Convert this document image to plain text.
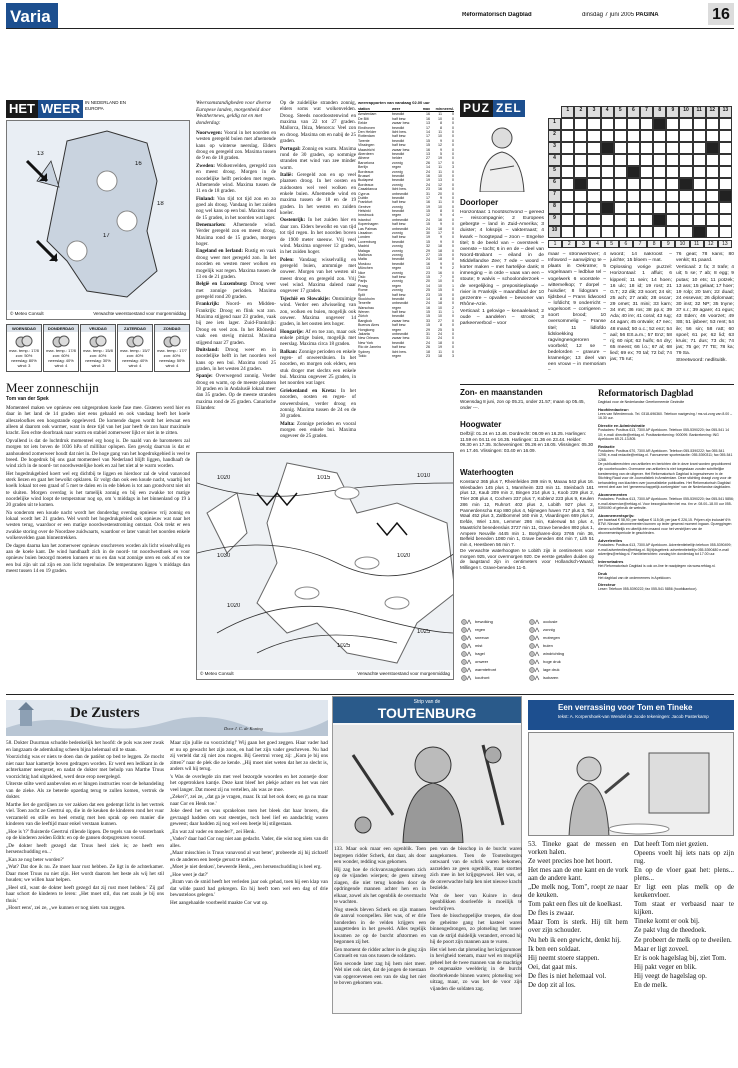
Varia	Reformatorisch Dagblad	dinsdag 7 juni 2005 PAGINA	16
HET WEER IN NEDERLAND EN EUROPA
16
18
17
13
© Meteo Consult	Verwachte weerstoestand voor morgenmiddag
WOENSDAG
max. temp.: 17/8
zon: 50%
neerslag: 80%
wind: 3
DONDERDAG
max. temp.: 17/8
zon: 60%
neerslag: 40%
wind: 4
VRIJDAG
max. temp.: 15/8
zon: 40%
neerslag: 30%
wind: 3
ZATERDAG
max. temp.: 15/7
zon: 40%
neerslag: 40%
wind: 4
ZONDAG
max. temp.: 17/7
zon: 40%
neerslag: 50%
wind: 4
Meer zonneschijn
Tom van der Spek

Momenteel maken we opnieuw een uitgesproken koele fase mee. Gisteren werd hier en daar in het land de 14 graden niet eens gehaald en ook vandaag heeft het koele alleszeloofkes een hoogstande opgeleverd. De komende dagen wordt het ietwaat een alleen al daarom ook warmer, want in deze tijd van het jaar heeft de zon haar maximale kracht. Een echte doorbraak naar warm en stabiel zomerweer lijkt er niet in te zitten.

Opvallend is dat de luchtdruk momenteel erg hoog is. De naald van de barometers zal morgen tot iets boven de 1036 hPa of millibar oplopen. Een gevolg daarvan is dat er aanhoudend zomerweer houdt dat niet in. De hoge gang van het hogedrukgebied is veel te breed. De hogedruk bij ons gaat momenteel van Nederland blijft liggen, handhaaft de wind zich in de noord- tot noordwestelijke hoek en zal het niet al te warm worden.

Het hogedrukgebied koert wel erg dichtbij te liggen en hierdoor zal de wind vanavond sterk liezen en gaat het bewolkt opklaren. Er volgt dan ook een koude nacht, waarbij het koelk lokaal tot een graad of 5 met te dalen en in ede bleken is tot aan grondvorst niet uit te sluiten. Morgen overdag is het tamelijk zonnig en bij een zwakke tot matige noordelijke wind loopt de temperatuur nog op, om 's middags in het binnenland op 19 à 20 graden uit te komen.

Na sonderom een koude nacht wordt het donderdag overdag opnieuw vrij zonnig en lokaal wordt het 21 graden. Wel wordt het hogedrukgebied ook opnieuw wat naar het westen terug, waardoor er een matige noordwestenstroming ontstaat. Ook trekt er een zwakke storing over de Noordzee zuidwaarts, waardoor er later vanuit het noorden enkele wolkenvelden gaan binnentrekken.

De dagen daarna kan het zomerweer opnieuw onschreven worden als licht wisselvallig en aan de koele kant. De wind handhaaft zich in de noord- tot noordwesthoek en voor opnieuw buien bezorgd moeten kunnen er nu en dan wat zonnige uren en ook af en toe een bui zijn uit zal zijn en zon licht tegenhuize. De temperaturen liggen 's middags dan meest tussen 14 en 19 graden.

Weersomstandigheden voor diverse Europese landen, morgenheid door Weathernews, geldig tot en met donderdag:

Noorwegen: Vooral in het noorden en westen geregeld buien met afnemende kans op winterse neerslag. Elders droog en geregeld zon. Maxima tussen de 9 en de 18 graden.

Zweden: Wolkenvelden, geregeld zon en meest droog. Morgen in de noordelijke helft perioden met regen. Afnemende wind. Maxima tussen de 11 en de 18 graden.

Finland: Van tijd tot tijd zon en zo goed als droog. Vandaag in het zuiden nog wel kans op een bui. Maxima rond de 15 graden, in het noorden wat lager.

Denemarken: Afnemende wind. Verder geregeld zon en meest droog. Maxima rond de 15 graden, morgen hoger.

Engeland en Ierland: Rustig en vaak droog weer met geregeld zon. In het noorden en westen meer wolken en mogelijk wat regen. Maxima tussen de 13 en de 21 graden.

België en Luxemburg: Droog weer met zonnige perioden. Maxima geregeld rond 20 graden.

Frankrijk: Noord- en Midden-Frankrijk: Droog en flink wat zon. Maxima stijgend naar 23 graden, vaak bij zee iets lager. Zuid-Frankrijk: Droog en veel zon. In het Rhônedal vaak een stevig mistral. Maxima stijgend naar 27 graden.

Duitsland: Droog weer en in noordelijke helft in het noorden wel kans op een bui. Maxima rond 25 graden, in het westen 24 graden.

Spanje: Overwegend zonnig. Verder droog en warm, op de meeste plaatsen 30 graden en in Andalusië lokaal meer dan 35 graden. Op de meeste stranden maxima rond de 25 graden. Canarische Eilanden:

Op de zuidelijke stranden zonnig, elders soms wat wolkenvelden. Droog. Steeds noordoostenwind en maxima van 22 tot 27 graden. Mallorca, Ibiza, Menorca: Veel zon en droog. Maxima om en nabij de 25 graden.

Portugal: Zonnig en warm. Maxima rond de 30 graden, op sommige stranden met wind van zee minder warm.

Italië: Geregeld zon en op veel plaatsen droog. In het oosten en zuidoosten wel veel wolken en enkele buien. Afnemende wind en maxima tussen de 18 en de 19 graden. In het westen en zuiden koeler.

Oostenrijk: In het zuiden hier en daar zon. Elders bewolkt en van tijd tot tijd regen. In het noorden boven de 1900 meter sneeuw. Vrij veel wind. Maxima ongeveer 12 graden, in het zuiden hoger.

Polen: Vandaag wisselvallig en geregeld buien, ammmige met onweer. Morgen van het westen uit meest droog en geregeld zon. Vrij veel wind. Maxima dalend naar ongeveer 17 graden.

Tsjechië en Slowakije: Onstuimige wind. Verder een afwisseling van zon, wolken en buien, mogelijk ook onweer. Maxima ongeveer 14 graden, in het oosten iets hoger.

Hongarije: Af en toe zon, maar ook enkele pittige buien, mogelijk met neerslag. Maxima circa 18 graden.

Balkan: Zonnige perioden en enkele regen- of onweersbuien. In het noorden, en morgen ook elders, een stuk droger met slechts een enkele bui. Maxima ongeveer 25 graden, in het noorden wat lager.

Griekenland en Kreta: In het noorden, oosten en regen- of onweersbuien, verder droog en zonnig. Maxima tussen de 24 en de 30 graden.

Malta: Zonnige perioden en vooral morgen een enkele bui. Maxima ongeveer de 25 graden.

weerrapporten van vandaag 02.00 uur
station	weer	max	min neersl.
Amsterdam	bewolkt	16	11	0
De Bilt	half bew.	16	10	0
Eelde	zwaar bew.	13	8	0
Eindhoven	bewolkt	17	8	0
Den Helder	licht bew.	14	11	0
Rotterdam	half bew.	17	10	0
Twente	bewolkt	15	9	0
Vlissingen	half bew.	15	12	0
Maastricht	zwaar bew.	16	9	0
Aberdeen	bewolkt	13	5	0
Athene	helder	27	19	0
Barcelona	zonnig	26	17	0
Berlijn	regen	14	11	3
Bordeaux	zonnig	24	11	0
Brussel	bewolkt	16	10	0
Budapest	bewolkt	19	13	0
Bordeaux	zonnig	24	12	0
Casablanca	licht bew.	23	16	0
Cyprus	onbewolkt	31	20	0
Dublin	bewolkt	17	9	0
Frankfurt	half bew.	16	11	0
Genève	zonnig	19	10	0
Helsinki	bewolkt	15	8	0
Innsbruck	regen	12	9	4
Istanbul	onbewolkt	24	16	0
Kopenhagen	half bew.	15	9	0
Las Palmas	onbewolkt	24	18	0
Lissabon	zonnig	30	17	0
Londen	half bew.	19	9	0
Luxemburg	bewolkt	15	9	0
Madrid	zonnig	32	18	0
Malaga	zonnig	29	18	0
Mallorca	zonnig	27	15	0
Malta	bewolkt	24	18	0
Moskou	bewolkt	16	9	0
München	regen	13	9	2
Nice	zonnig	23	16	0
Oslo	half bew.	15	7	0
Parijs	zonnig	20	10	0
Praag	regen	14	10	1
Rome	zonnig	25	15	0
Split	half bew.	23	15	0
Stockholm	bewolkt	14	8	0
Tenerife	onbewolkt	24	18	0
Warschau	regen	16	10	2
Wenen	half bew.	15	11	1
Zürich	bewolkt	15	10	0
Bangkok	zwaar bew.	33	27	0
Buenos Aires	half bew.	15	8	0
Hongkong	regen	29	25	5
Jakarta	onbewolkt	31	24	0
New Orleans	zwaar bew.	31	24	0
New York	bewolkt	24	18	0
Rio de Janeiro	half bew.	26	19	0
Sydney	licht bew.	18	11	0
Tokio	regen	23	18	3
1020	1015
1020
1030
1020
1025
1010
1025
© Meteo Consult	Verwachte weerstoestand voor morgenmiddag
PUZ ZEL	1	2	3	4	5	6	7	8	9	10	11	12	13
1
2
3
4
5
6
7
8
9
10
1	2	3	4	5	6	7	8	9	10	11	12	13
Doorloper

Horizontaal: 1 hoofdschvond – gereed – reiscompagnie; 2 Europees gebergte – land in Zuid-Amerika; 3 duister; 4 lokspijs – vakterraast; 4 kwark – hoogtepad – zoon – Engelse titel; 5 de beeld van – oversteek – ovenste – tocht; 6 in en de – deel van Noord-Brabant – eiland in de Middellandse Zee; 7 ede – woord – korter maken – met hartelijke dank; 8 inmenging – in orde – vaas van een – stoute; 9 walvis – schoolonderzoek – de vergelijking – prepositieplaatje – rivier in Frankrijk – maandblad der 10 gezzentre – opvallen – bewoner van Rhône-Azie.

Verticaal: 1 gelovige – kenaaleland; 2 oude – aandelen – strook; 3 parkeerverbod – voor

maar – stronwerlover; 4 Infoword – aanwijzing te – plaats in Oekraïne; 5 vogelnaam – ledblue tel – vogelwerk 6 voorstele – wittemelkop; 7 dorpel – huisdier; 8 lidogram – tijdsbeul – Frans lidwoord – lofdicht; 9 onderricht – vogelsoort – corrigeren – soort brood; 10 oversommelig – Franse titel; 11 lidlofdo lidsloekking – ragvingnengeroren – voorbeld; 12 se – bedelorden – gravure – kramerige; 13 deel van een vrouw – in memoriam –

woord; 14 nakroost – juichte; 15 bloem – mat.

Oplossing vorige puzzel: Horizontaal: 1 affuit; 6 kippenl; 11 sein; 14 hoen; 16 ulc; 18 id; 19 rost; 21 G.T.; 22 dik; 23 soort; 24 sit; 25 ach; 27 arab; 28 oscar; 29 omet; 31 mini; 33 karn; 34 mrt; 36 ros; 38 pp.s; 39 Ada; 40 ire; 41 coral; 43 rug; 44 agan; 45 ontvale; 47 nec; 48 mand; 50 o.c.; 52 enz; 54 aal; 56 ES.a.m.; 57 Enz; 58 rij; 60 nipt; 62 huifs; 64 dry; 65 meest; 66 l.o.; 67 al; 68 lied; 69 ex; 70 tal; 72 bd; 74 jas; 75 rut;

76 geat; 78 kans; 80 venkit; 81 paard.

Verticaal: 2 fa; 3 trafe; 4 uit; 5 se; 7 ab; 8 egg; 9 putas; 10 ets; 11 potzek; 13 ass; 15 gelaat; 17 hoer; 19 rolp; 20 tam; 22 duad; 24 essevan; 26 diplomaat; 30 inst; 32 NP; 35 tnyne; 37 s.r.; 39 agare; 41 egus; 43 Eden; 46 voorzet; 49 SB; 51 ijsbeer; 53 rent; 54 ile; 56 sin; 58 ratt; 60 spoel; 61 pe; 62 lid; 63 kruis; 71 dus; 73 ds; 74 jas; 75 ge; 77 TE; 78 ka; 79 Sa.

Streetwoord: nedlituitik.

Zon- en maanstanden
Woensdag 8 juni, zon op 05.21, onder 21.57; maan op 05.45, onder ---.
Hoogwater
Delfzijl: 01.24 en 13.46. Dordrecht: 08.09 en 16.25. Harlingen: 11.59 en 04.11 en 16.35. Harlingen: 11.36 en 23.44. Helder: 09.30 en 17.35. Scheveningen: 05.26 en 18.05. Vlissingen: 05.30 en 17.46. Vlissingen: 03.40 en 16.09.
Waterhoogten

Konstanz 365 plus 7, Rheinfelden 289 min 9, Maxau 542 plus 16. Wiesbaden 145 plus 1, Mannheim 323 min 11. Steinbach 161 plus 12, Kaub 209 min 2, Bingen 214 plus 1, Koob 229 plus 2, Trier 208 plus 4, Cochem 237 plus 7, Koblenz 223 plus 9, Keulen 286 min 12, Ruhrort 402 plus 2, Lobith 927 plus 2, Pannerdenscha Kop 880 plus 4, Nijmegen haven 717 plus 3, Tiel Waal 452 plus 3, Zaltbommel 160 min 2, Vlaardingen 669 plus 2, Eefde, Wiel 1.5m, Lemmer 286 min, Kalenwal 54 plus 4, Maastricht benedensluis 3727 min 11, Grave beneden 892 plus 1, Ampere Neuville 4445 min 1. Borgharen-dorp 3765 min 36, Belfeld beneden 1080 min 1, Grave beneden 484 min 7, Lith 51 min 4, Heesbeen 56 min 7.

De verwachte waterhoogten te Lobith zijn in centimeters voor morgen 925, voor overmorgen 920. De eerste getallen duiden op de laagstand zijn in centimeters voor Hollandsch-Waard; Millingen t. Grave-beneden 11-0.

bewolking
regen
sneeuw
mist
hagel
onweer
warmtefront
koufront
occlusie
zonnig
motregen
buien
windrichting
hoge druk
lage druk
isobaren
Reformatorisch Dagblad
Dagblad voor de Nederlandse Gereformeerde Gezindte
Hoofdredacteur:
Lees van Wierdenrook. Tel. 0318-696360. Telefoon nazigeving / ms.vd.zorg van 8.00 – 16.30 uur.
Directie en Administratie
Postadres: Postbus 613, 7300 AP Apeldoorn. Telefoon 055-5390220; fax 055-541 14 10; e-mail: directie@refdag.nl. Postbankrekening: 900099. Bankrekening: ING Apeldoorn 65.21.13.805.
Redactie
Postadres: Postbus 670, 7300 AR Apeldoorn. Telefoon 055-5390222; fax 055-541 1298; e-mail redactie@refdag.nl. Faxnummer sportredactie: 055-5390311; fax 055-541 1288.
De publicatierechten van artikelen en berichten die in deze krant worden gepubliceerd zijn voorbehouden. Overname van artikelen is niet toegestaan zonder schriftelijke toestemming van de uitgever. Het Reformatorisch Dagblad is ingeschreven in de Stichting Raad voor de Journalistiek in Amsterdam. Deze stichting draagt zorg voor de behandeling van klachten over journalistieke publicaties. Het Reformatorisch Dagblad neemt deel aan het 'gemeenschappelijk zoekregister' van de Nederlandse dagbladen.
Abonnementen
Postadres: Postbus 613, 7300 AP Apeldoorn. Telefoon 055-5390220; fax 055-541 5856; e-mail abservice@refdag.nl. Voor bezorgklachten bel ma. t/m vr. 08.00–18.00 uur 055-5390490 of gebruik de website.
Abonnementsprijs:
per kwartaal € 58,90; per halfjaar € 115,08; per jaar € 226,15. Prijzen zijn inclusief 6% BTW. Nieuwe abonnementen kunnen op ieder gewenst moment ingaan. Opzeggingen dienen schriftelijk en uiterlijk één maand voor het verstrijken van de abonnementsperiode te geschieden.
Advertenties
Postadres: Postbus 613, 7300 AP Apeldoorn. Advertentiebellijn telefoon 055-5390499; e-mail advertenties@refdag.nl. Bij tijdsgebrek: advertentiebellijn 055-5390480 e-mail advertjes@refdag.nl. Familieberichten: zondag t/m donderdag tot 17.00 uur.
Internetadres
Het Reformatorisch Dagblad is ook on-line te raadplegen via www.refdag.nl.
Druk
Het dagblad van de ondernemers in Apeldoorn.
Directeur
Leser: Telefoon 055-5390222; fax 055-541 5856 (hoofdkantoor).
De Zusters
Door J. C. de Koning

58. Dokter Duurman schudde bedenkelijk het hoofd: de pols was zeer zwak en langzaam de ademhaling scheen bijna helemaal stil te staan.

Voorzichtig was er niets te doen dan de patiënt op bed te leggen. Ze mocht niet naar haar kamertje boven gedragen worden. Er werd een ledikant in de achterkamer neergezet, en nadat de dokter met behulp van Marthe Truus voorzichtig had uitgekleed, werd deze erop neergelegd.

Uiterste stilte werd aanbevolen en er hingen instructies voor de behandeling van de zieke. Als ze beterde opzetlag terug te zullen komen, vertrok de dokter.

Marthe liet de gordijnen zo ver zakken dat een gedempt licht in het vertrek viel. Toen zocht ze Geertrui op, die in de keuken de kinderen rond het vuur verzameld en stille en heel ernstig met hen sprak op een manier die kinderen van die leeftijd maar enkel verstaan kunnen.

„Hoe is 't?' fluisterde Geertrui rillende lippen. De tegels van de vensterbank op de kinderen zeiden Edith: en op de gansen dorpsgrenzen vooraf.

„De dokter heeft gezegd dat Truus heel ziek is; ze heeft een hersenschudding en...'

„Kan ze nog beter worden?'

„Wat? Dat doe ik nu. Ze moet haar rust hebben. Ze ligt in de achterkamer. Daar moet Truus nu niet zijn. Het wordt daarom het beste als wij het stil houden; we willen haar helpen.

„Heel stil, want de dokter heeft gezegd dat zij rust moet hebben.' Zij gaf haar schort de kinderen te leren: „Het moet stil, dus net zoals je bij ons thuis.'

„Hoort eens', zei ze, „we kunnen er nog niets van zeggen.

Maar zijn jullie nu voorzichtig!' Wij gaan het goed zeggen. Haar vader had er nu op gewacht het zijn zoon, en had het zijn vader geschreven. Nu had zij verteld dat zij niet zou mogen. Bij Geertrui vroeg zij: „Kom je bij ons zitten?' naar de plek die ze kende. „Hij moet niet weten dat het zo slecht is, anders wil hij terug.

's Was de overlegde zin met veel bezorgde woorden en het zonnetje door het opgetrokken kantje. Deze kant bleef het plekje achter en het was niet veel langer. Dat moest zij nu vertellen, als was ze moe.

„Zeker?', zei ze, „dat ga je vragen, maar. Ik zal het ook doen; en ga nu maar naar Cor en Henk toe.'

Joke deed het en was sprakeloos toen het bleek dat haar broers, die gevraagd hadden om wat steentjes, toch heel lief en aandachtig waren geweest; daar hadden zij nog wel een beetje bij stilgestaan.

„En wat zal vader en moeder?', zei Henk.

„Vader? daar had Cor nog niet aan gedacht. Vader, die wist nog niets van dit alles.

„Maar misschien is Truus vanavond al wat beter', probeerde zij hij zichzelf en de anderen een beetje gerust te stellen.

„Moet je niet denken', beweerde Henk, „een hersenschudding is heel erg.

„Hoe weet je dat?'

„Bram van de smid heeft het verleden jaar ook gehad, toen hij een klap van dat wilde paard had gekregen. En hij heeft toen wel een dag of drie bewusteloos gelegen.'

Het aangehaalde voorbeeld maakte Cor wat op.

Strip van de
TOUTENBURG

133. Maar ook maar een ogenblik. Toen begrepen ridder Scherk, dat daar, als door een wonder, redding was gekomen.

Hij zag hoe de rickvanvangdemonen zich op de vijanden wierpen; de geen uitweg ziagen, die niet terug konden door de opdringende mannen achter hen en in elkaar, zowel als het ogenblik de overmacht te wachten.

Nog steeds bleven Scherk en zijn mannen de aanval voorspellen. Het was, of er drie honderden in de velden krijgers een aangetreden in het geweld. Alles tegelijk kwamen ze op de burcht afstormen en begonnen zij het.

Een moment de ridder achter in de ging zijn Cornuelt en van ons tussen de soldaten.

Een seconde later zag hij hem niet meer. Wel niet ook niet, dat de jongen de toestaan van opgeroevenen een van de slag het niet te boven gekomen was.

pen van de bisschop in de burcht waren aangekomen. Toen de Toutenburgers ontwaard van de schrik waren bekomen, aarzelden ze geen ogenblik, maar stortten zich mee in het krijgsgewoel. Het was, of de onverwachte hulp hen niet nieuwe kracht bezielde.

Wat de heer van Kuinre in deze ogenblikken doorleefde is moeilijk te beschrijven.

Toen de bisschoppelijke troepen, die door de geheime gang het kasteel waren binnengedrongen, zo plotseling het toneel van de strijd duidelijk verandert, ervond hij hij de poort zijn mannen aan te vuren.

Het viel hem dat plotseling het krijgsrumoer in hevigheid toenam, maar wel en mogelijk geheel het de twee mannen van de machtige te ongenaakte weelderig in de burcht doorbrekende binnen waren; plotseling wel uitzag, maar, zo was het de voor zijn vijanden die soldaten zag.

Een verrassing voor Tom en Tineke
tekst: A. Korpershoek-van Wendel de Joode tekeningen: Jacob Pasterkamp

53. Tineke gaat de messen en vorken halen.

Ze weet precies hoe het hoort.

Het mes aan de ene kant en de vork aan de andere kant.

„De melk nog, Tom", roept ze naar de keuken.

Tom pakt een fles uit de koelkast.

De fles is zwaar.

Maar Tom is sterk. Hij tilt hem over zijn schouder.

Nu heb ik een gewicht, denkt hij.

Ik ben een soldaat.

Hij neemt stoere stappen.

Oei, dat gaat mis.

De fles is niet helemaal vol.

De dop zit al los.

Dat heeft Tom niet gezien.

Opeens voelt hij iets nats op zijn rug.

En op de vloer gaat het: plens... plens...

Er ligt een plas melk op de keukenvloer.

Tom staat er verbaasd naar te kijken.

Tineke komt er ook bij.

Ze pakt vlug de theedoek.

Ze probeert de melk op te dweilen.

Maar er ligt zoveel.

Er is ook hagelslag bij, ziet Tom.

Hij pakt veger en blik.

Hij veegt de hagelslag op.

En de melk.
